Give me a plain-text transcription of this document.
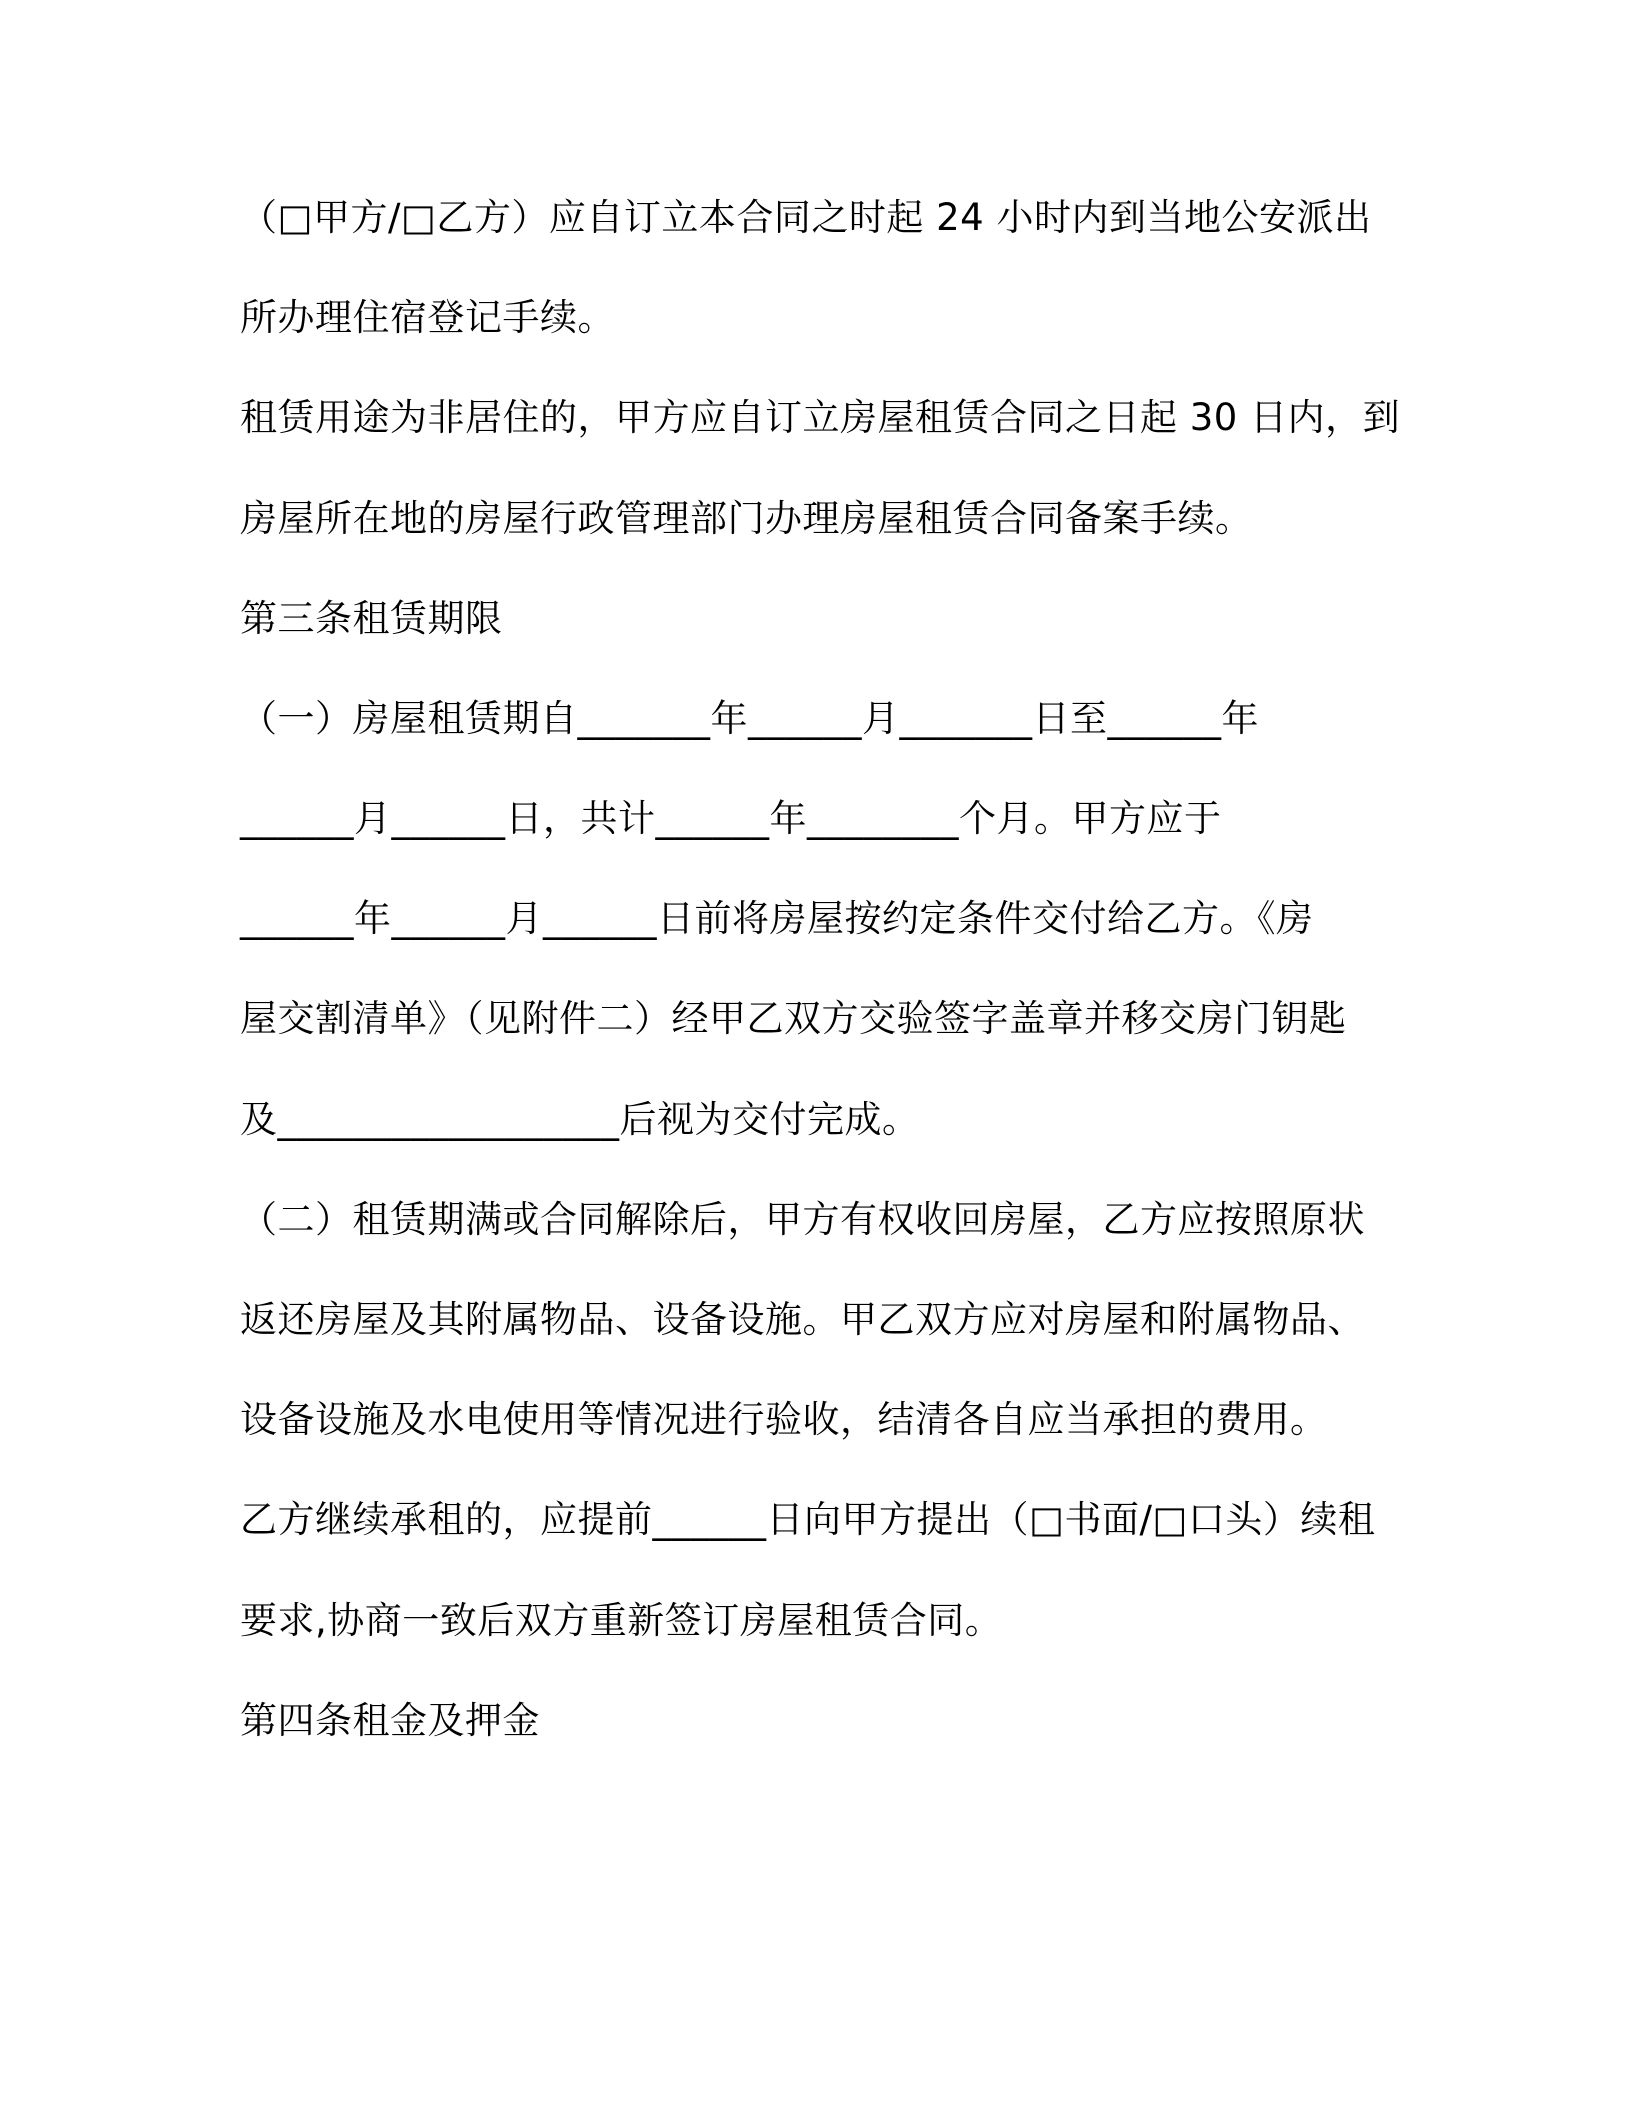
（□甲方/□乙方）应自订立本合同之时起 24 小时内到当地公安派出
所办理住宿登记手续。
租赁用途为非居住的，甲方应自订立房屋租赁合同之日起 30 日内，到
房屋所在地的房屋行政管理部门办理房屋租赁合同备案手续。
第三条租赁期限
（一）房屋租赁期自_______年______月_______日至______年
______月______日，共计______年________个月。甲方应于
______年______月______日前将房屋按约定条件交付给乙方。《房
屋交割清单》（见附件二）经甲乙双方交验签字盖章并移交房门钥匙
及__________________后视为交付完成。
（二）租赁期满或合同解除后，甲方有权收回房屋，乙方应按照原状
返还房屋及其附属物品、设备设施。甲乙双方应对房屋和附属物品、
设备设施及水电使用等情况进行验收，结清各自应当承担的费用。
乙方继续承租的，应提前______日向甲方提出（□书面/□口头）续租
要求,协商一致后双方重新签订房屋租赁合同。
第四条租金及押金
